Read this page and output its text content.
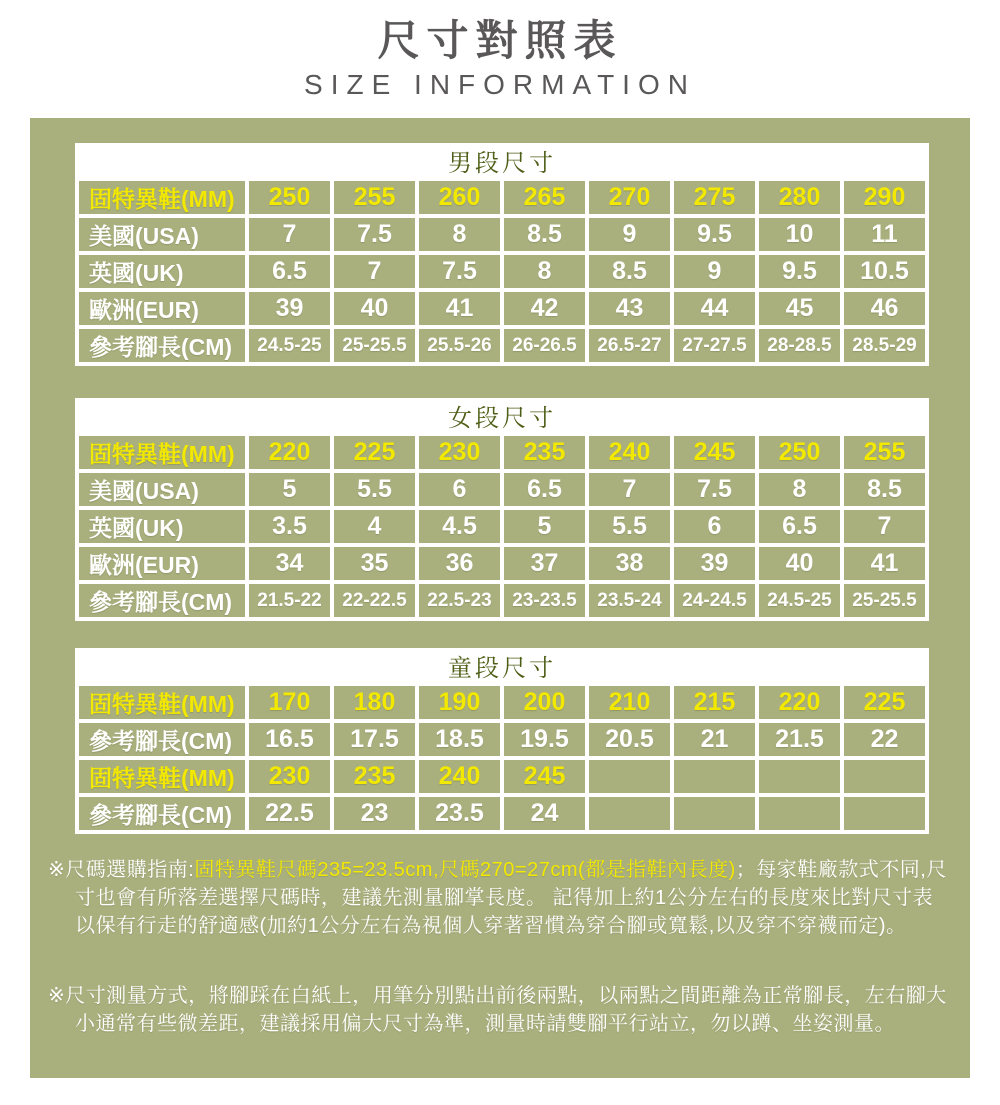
尺寸對照表
SIZE INFORMATION
男段尺寸
固特異鞋(MM)	250	255	260	265	270	275	280	290
美國(USA)	7	7.5	8	8.5	9	9.5	10	11
英國(UK)	6.5	7	7.5	8	8.5	9	9.5	10.5
歐洲(EUR)	39	40	41	42	43	44	45	46
參考腳長(CM)	24.5-25	25-25.5	25.5-26	26-26.5	26.5-27	27-27.5	28-28.5	28.5-29
女段尺寸
固特異鞋(MM)	220	225	230	235	240	245	250	255
美國(USA)	5	5.5	6	6.5	7	7.5	8	8.5
英國(UK)	3.5	4	4.5	5	5.5	6	6.5	7
歐洲(EUR)	34	35	36	37	38	39	40	41
參考腳長(CM)	21.5-22	22-22.5	22.5-23	23-23.5	23.5-24	24-24.5	24.5-25	25-25.5
童段尺寸
固特異鞋(MM)	170	180	190	200	210	215	220	225
參考腳長(CM)	16.5	17.5	18.5	19.5	20.5	21	21.5	22
固特異鞋(MM)	230	235	240	245
參考腳長(CM)	22.5	23	23.5	24
※尺碼選購指南:固特異鞋尺碼235=23.5cm,尺碼270=27cm(都是指鞋內長度)；每家鞋廠款式不同,尺寸也會有所落差選擇尺碼時，建議先測量腳掌長度。 記得加上約1公分左右的長度來比對尺寸表以保有行走的舒適感(加約1公分左右為視個人穿著習慣為穿合腳或寬鬆,以及穿不穿襪而定)。
※尺寸測量方式，將腳踩在白紙上，用筆分別點出前後兩點，以兩點之間距離為正常腳長，左右腳大小通常有些微差距，建議採用偏大尺寸為準，測量時請雙腳平行站立，勿以蹲、坐姿測量。
